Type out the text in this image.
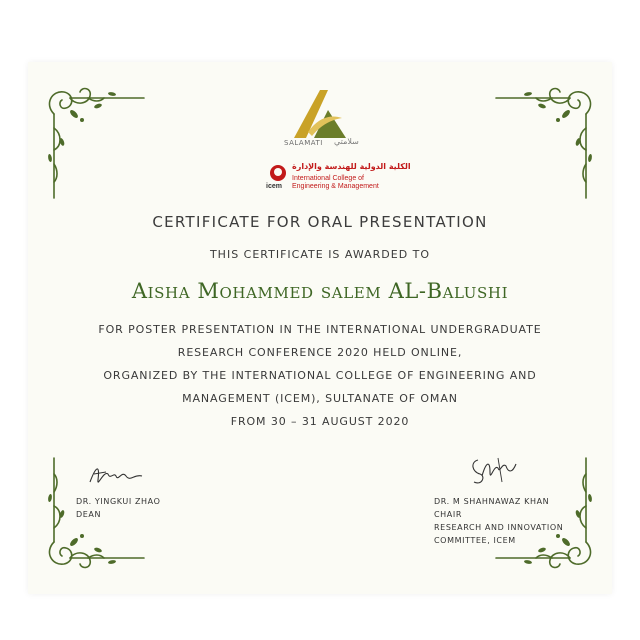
SALAMATI سلامتي
icem
الكلية الدولية للهندسة والإدارة
International College of
Engineering & Management
CERTIFICATE FOR ORAL PRESENTATION
THIS CERTIFICATE IS AWARDED TO
Aisha Mohammed salem AL-Balushi
FOR POSTER PRESENTATION IN THE INTERNATIONAL UNDERGRADUATE
RESEARCH CONFERENCE 2020 HELD ONLINE,
ORGANIZED BY THE INTERNATIONAL COLLEGE OF ENGINEERING AND
MANAGEMENT (ICEM), SULTANATE OF OMAN
FROM 30 – 31 AUGUST 2020
DR. YINGKUI ZHAO
DEAN
DR. M SHAHNAWAZ KHAN
CHAIR
RESEARCH AND INNOVATION
COMMITTEE, ICEM
